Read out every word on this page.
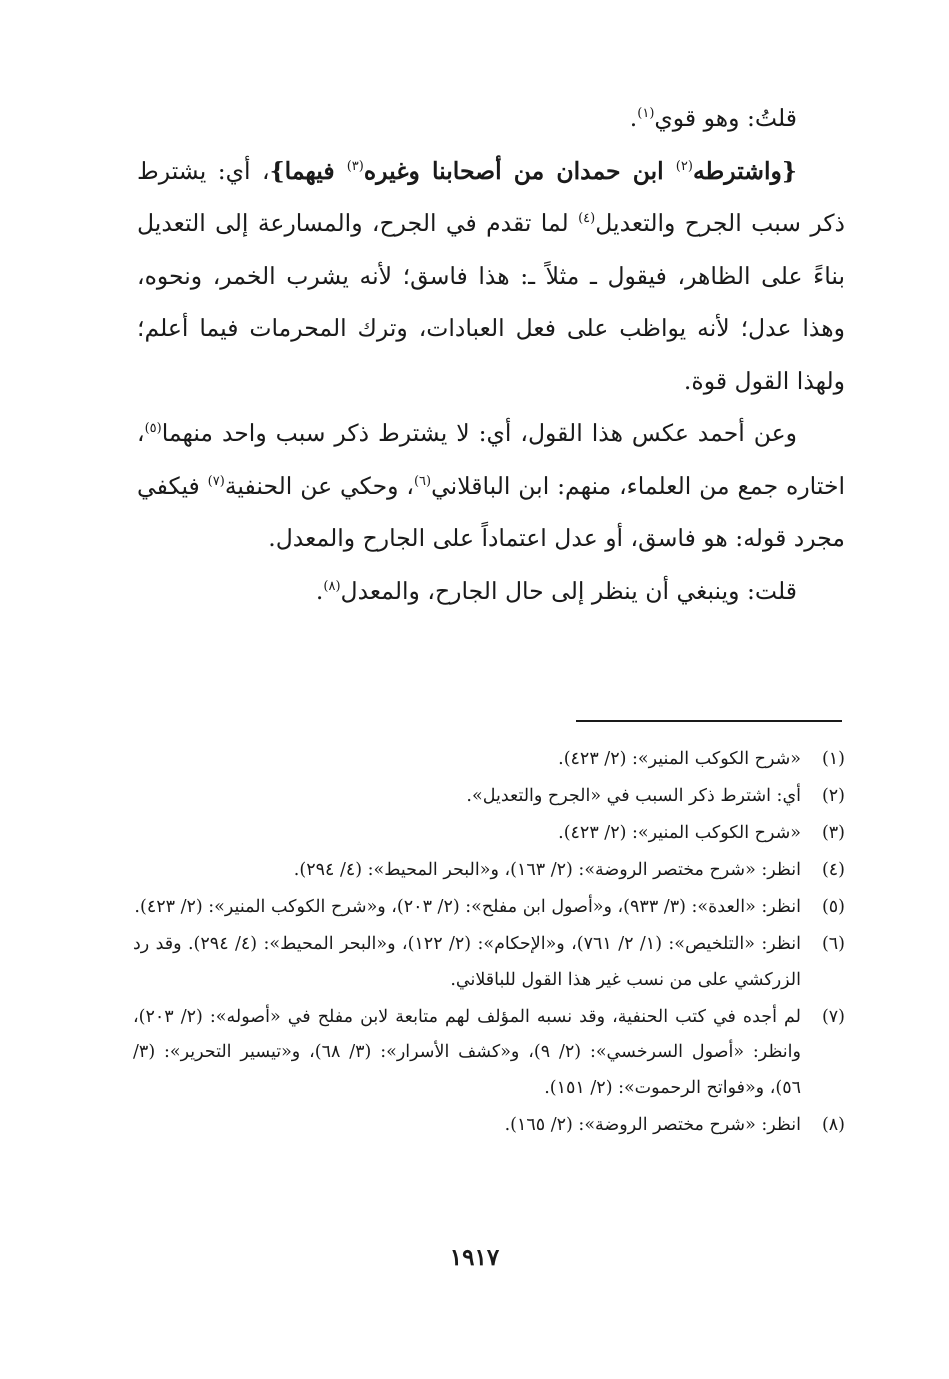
قلتُ: وهو قوي$^{(١)}$.

{واشترطه$^{(٢)}$ ابن حمدان من أصحابنا وغيره$^{(٣)}$ فيهما}، أي: يشترط ذكر سبب الجرح والتعديل$^{(٤)}$ لما تقدم في الجرح، والمسارعة إلى التعديل بناءً على الظاهر، فيقول ـ مثلاً ـ: هذا فاسق؛ لأنه يشرب الخمر، ونحوه، وهذا عدل؛ لأنه يواظب على فعل العبادات، وترك المحرمات فيما أعلم؛ ولهذا القول قوة.

وعن أحمد عكس هذا القول، أي: لا يشترط ذكر سبب واحد منهما$^{(٥)}$، اختاره جمع من العلماء، منهم: ابن الباقلاني$^{(٦)}$، وحكي عن الحنفية$^{(٧)}$ فيكفي مجرد قوله: هو فاسق، أو عدل اعتماداً على الجارح والمعدل.

قلت: وينبغي أن ينظر إلى حال الجارح، والمعدل$^{(٨)}$.

(١)
«شرح الكوكب المنير»: (٢/ ٤٢٣).
(٢)
أي: اشترط ذكر السبب في «الجرح والتعديل».
(٣)
«شرح الكوكب المنير»: (٢/ ٤٢٣).
(٤)
انظر: «شرح مختصر الروضة»: (٢/ ١٦٣)، و«البحر المحيط»: (٤/ ٢٩٤).
(٥)
انظر: «العدة»: (٣/ ٩٣٣)، و«أصول ابن مفلح»: (٢/ ٢٠٣)، و«شرح الكوكب المنير»: (٢/ ٤٢٣).
(٦)
انظر: «التلخيص»: (١/ ٢/ ٧٦١)، و«الإحكام»: (٢/ ١٢٢)، و«البحر المحيط»: (٤/ ٢٩٤). وقد رد الزركشي على من نسب غير هذا القول للباقلاني.
(٧)
لم أجده في كتب الحنفية، وقد نسبه المؤلف لهم متابعة لابن مفلح في «أصوله»: (٢/ ٢٠٣)، وانظر: «أصول السرخسي»: (٢/ ٩)، و«كشف الأسرار»: (٣/ ٦٨)، و«تيسير التحرير»: (٣/ ٥٦)، و«فواتح الرحموت»: (٢/ ١٥١).
(٨)
انظر: «شرح مختصر الروضة»: (٢/ ١٦٥).
١٩١٧
